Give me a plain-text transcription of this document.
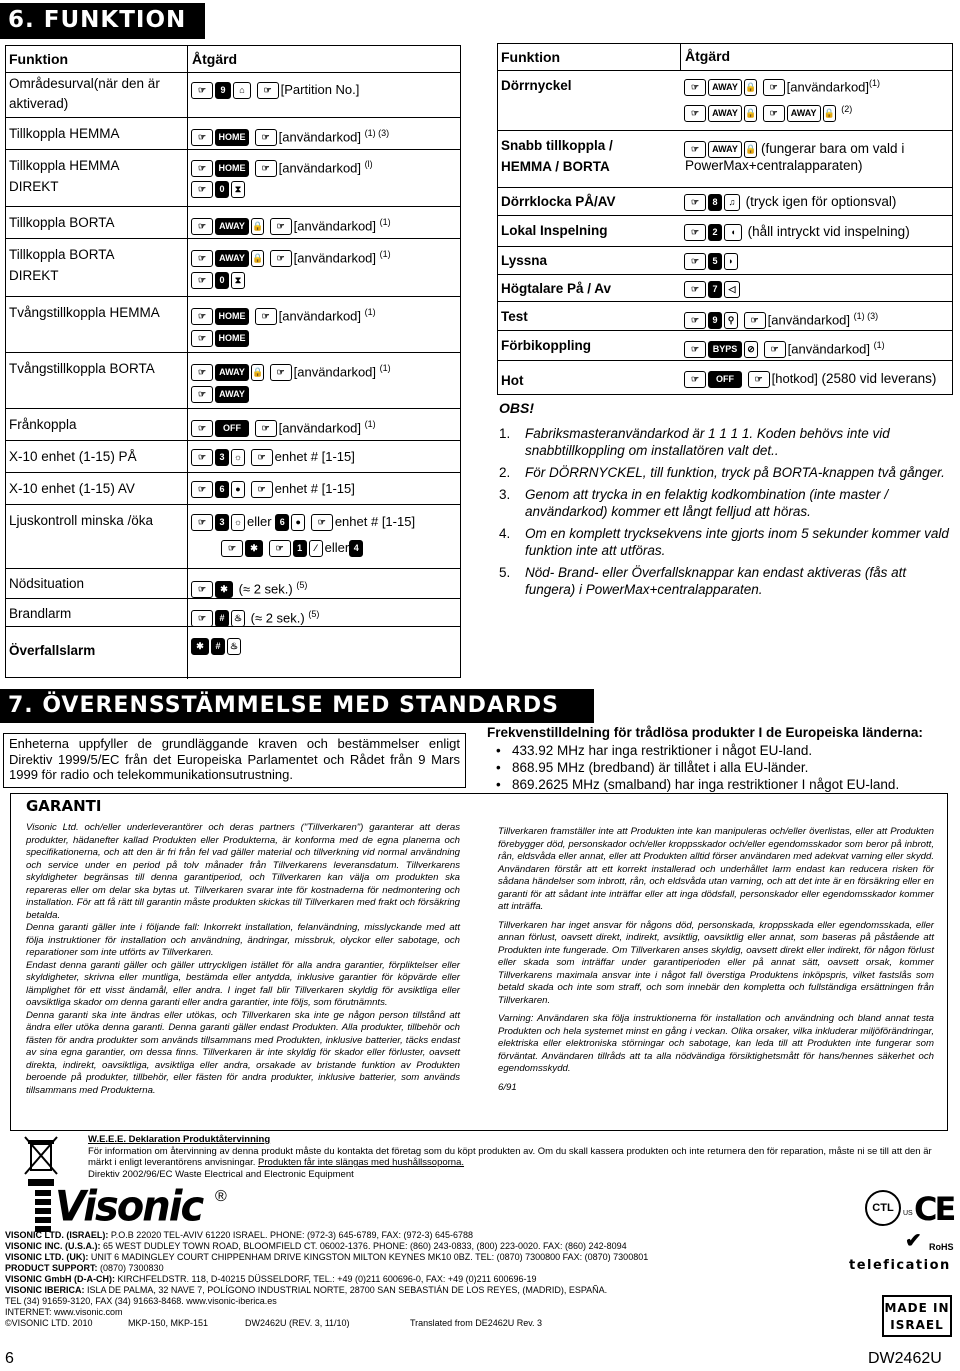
6. FUNKTION
Funktion	Åtgärd
Områdesurval(när den är aktiverad)
☞ 9 ⌂ ☞ [Partition No.]
Tillkoppla HEMMA	☞ HOME ☞ [användarkod] $^{(1) (3)}$
Tillkoppla HEMMA DIREKT
☞ HOME ☞ [användarkod] $^{(l)}$
☞ 0 ⧗
Tillkoppla BORTA	☞ AWAY 🔒 ☞ [användarkod] $^{(1)}$
Tillkoppla BORTA DIREKT
☞ AWAY 🔒 ☞ [användarkod] $^{(1)}$
☞ 0 ⧗
Tvångstillkoppla HEMMA	☞ HOME ☞ [användarkod] $^{(1)}$
☞ HOME
Tvångstillkoppla BORTA	☞ AWAY 🔒 ☞ [användarkod] $^{(1)}$
☞ AWAY
Frånkoppla	☞ OFF ☞ [användarkod] $^{(1)}$
X-10 enhet (1-15) PÅ	☞ 3 ☼ ☞ enhet # [1-15]
X-10 enhet (1-15) AV	☞ 6 ● ☞ enhet # [1-15]
Ljuskontroll minska /öka	☞ 3 ☼ eller 6 ● ☞ enhet # [1-15]
☞ ✱ ☞ 1 ⁄ eller 4
Nödsituation	☞ ✱ (≈ 2 sek.) $^{(5)}$
Brandlarm	☞ # ♨ (≈ 2 sek.) $^{(5)}$
Överfallslarm	✱ # ♨
Funktion	Åtgärd
Dörrnyckel	☞ AWAY 🔒 ☞ [användarkod]$^{(1)}$
☞ AWAY 🔒 ☞ AWAY 🔒 $^{(2)}$
Snabb tillkoppla / HEMMA / BORTA
☞ AWAY 🔒 (fungerar bara om vald i PowerMax+centralapparaten)
Dörrklocka PÅ/AV	☞ 8 ♫ (tryck igen för optionsval)
Lokal Inspelning	☞ 2 ◖ (håll intryckt vid inspelning)
Lyssna	☞ 5 ◗
Högtalare På / Av	☞ 7 ◁
Test	☞ 9 ⚲ ☞ [användarkod] $^{(1) (3)}$
Förbikoppling	☞ BYPS ⊘ ☞ [användarkod] $^{(1)}$
Hot	☞ OFF ☞ [hotkod] (2580 vid leverans)
OBS!
1. Fabriksmasteranvändarkod är 1 1 1 1. Koden behövs inte vid snabbtillkoppling om installatören valt det..
2. För DÖRRNYCKEL, till funktion, tryck på BORTA-knappen två gånger.
3. Genom att trycka in en felaktig kodkombination (inte master / användarkod) kommer ett långt felljud att höras.
4. Om en komplett trycksekvens inte gjorts inom 5 sekunder kommer vald funktion inte att utföras.
5. Nöd- Brand- eller Överfallsknappar kan endast aktiveras (fås att fungera) i PowerMax+centralapparaten.
7. ÖVERENSSTÄMMELSE MED STANDARDS
Enheterna uppfyller de grundläggande kraven och bestämmelser enligt Direktiv 1999/5/EC från det Europeiska Parlamentet och Rådet från 9 Mars 1999 för radio och telekommunikationsutrustning.
Frekvenstilldelning för trådlösa produkter I de Europeiska länderna:
• 433.92 MHz har inga restriktioner i något EU-land.
• 868.95 MHz (bredband) är tillåtet i alla EU-länder.
• 869.2625 MHz (smalband) har inga restriktioner I något EU-land.
GARANTI

Visonic Ltd. och/eller underleverantörer och deras partners ("Tillverkaren") garanterar att deras produkter, hädanefter kallad Produkten eller Produkterna, är konforma med de egna planerna och specifikationerna, och att den är fri från fel vad gäller material och tillverkning vid normal användning och service under en period på tolv månader från Tillverkarens leveransdatum. Tillverkarens skyldigheter begränsas till denna garantiperiod, och Tillverkaren kan välja om produkten ska repareras eller om delar ska bytas ut. Tillverkaren svarar inte för kostnaderna för nedmontering och installation. För att få rätt till garantin måste produkten skickas till Tillverkaren med frakt och försäkring betalda.

Denna garanti gäller inte i följande fall: Inkorrekt installation, felanvändning, misslyckande med att följa instruktioner för installation och användning, ändringar, missbruk, olyckor eller sabotage, och reparationer som inte utförts av Tillverkaren.

Endast denna garanti gäller och gäller uttryckligen istället för alla andra garantier, förpliktelser eller skyldigheter, skrivna eller muntliga, bestämda eller antydda, inklusive garantier för köpvärde eller lämplighet för ett visst ändamål, eller andra. I inget fall blir Tillverkaren skyldig för avsiktliga eller oavsiktliga skador om denna garanti eller andra garantier, inte följs, som förutnämnts.

Denna garanti ska inte ändras eller utökas, och Tillverkaren ska inte ge någon person tillstånd att ändra eller utöka denna garanti. Denna garanti gäller endast Produkten. Alla produkter, tillbehör och fästen för andra produkter som används tillsammans med Produkten, inklusive batterier, täcks endast av sina egna garantier, om dessa finns. Tillverkaren är inte skyldig för skador eller förluster, oavsett direkta, indirekt, oavsiktliga, avsiktliga eller andra, orsakade av bristande funktion av Produkten beroende på produkter, tillbehör, eller fästen för andra produkter, inklusive batterier, som används tillsammans med Produkterna.

Tillverkaren framställer inte att Produkten inte kan manipuleras och/eller överlistas, eller att Produkten förebygger död, personskador och/eller kroppsskador och/eller egendomsskador som beror på inbrott, rån, eldsvåda eller annat, eller att Produkten alltid förser användaren med adekvat varning eller skydd. Användaren förstår att ett korrekt installerad och underhållet larm endast kan reducera risken för sådana händelser som inbrott, rån, och eldsvåda utan varning, och att det inte är en försäkring eller en garanti för att sådant inte inträffar eller att inga dödsfall, personskador eller egendomsskador kommer att inträffa.

Tillverkaren har inget ansvar för någons död, personskada, kroppsskada eller egendomsskada, eller annan förlust, oavsett direkt, indirekt, avsiktlig, oavsiktlig eller annat, som baseras på påstående att Produkten inte fungerade. Om Tillverkaren anses skyldig, oavsett direkt eller indirekt, för någon förlust eller skada som inträffar under garantiperioden eller på annat sätt, oavsett orsak, kommer Tillverkarens maximala ansvar inte i något fall överstiga Produktens inköpspris, vilket fastslås som betald skada och inte som straff, och som innebär den kompletta och fullständiga ersättningen från Tillverkaren.

Varning: Användaren ska följa instruktionerna för installation och användning och bland annat testa Produkten och hela systemet minst en gång i veckan. Olika orsaker, vilka inkluderar miljöförändringar, elektriska eller elektroniska störningar och sabotage, kan leda till att Produkten inte fungerar som förväntat. Användaren tillråds att ta alla nödvändiga försiktighetsmått för hans/hennes säkerhet och egendomsskydd.

6/91

W.E.E.E. Deklaration Produktåtervinning
För information om återvinning av denna produkt måste du kontakta det företag som du köpt produkten av. Om du skall kassera produkten och inte returnera den för reparation, måste ni se till att den är märkt i enligt leverantörens anvisningar. Produkten får inte slängas med hushållssoporna.
Direktiv 2002/96/EC Waste Electrical and Electronic Equipment
Visonic ®
CTL	US CE
✔ RoHS
telefication
MADE IN
ISRAEL
VISONIC LTD. (ISRAEL): P.O.B 22020 TEL-AVIV 61220 ISRAEL. PHONE: (972-3) 645-6789, FAX: (972-3) 645-6788
VISONIC INC. (U.S.A.): 65 WEST DUDLEY TOWN ROAD, BLOOMFIELD CT. 06002-1376. PHONE: (860) 243-0833, (800) 223-0020. FAX: (860) 242-8094
VISONIC LTD. (UK): UNIT 6 MADINGLEY COURT CHIPPENHAM DRIVE KINGSTON MILTON KEYNES MK10 0BZ. TEL: (0870) 7300800 FAX: (0870) 7300801
PRODUCT SUPPORT: (0870) 7300830
VISONIC GmbH (D-A-CH): KIRCHFELDSTR. 118, D-40215 DÜSSELDORF, TEL.: +49 (0)211 600696-0, FAX: +49 (0)211 600696-19
VISONIC IBERICA: ISLA DE PALMA, 32 NAVE 7, POLÍGONO INDUSTRIAL NORTE, 28700 SAN SEBASTIÁN DE LOS REYES, (MADRID), ESPAÑA.
TEL (34) 91659-3120, FAX (34) 91663-8468. www.visonic-iberica.es
INTERNET: www.visonic.com
©VISONIC LTD. 2010	MKP-150, MKP-151	DW2462U (REV. 3, 11/10)	Translated from DE2462U Rev. 3
6	DW2462U
